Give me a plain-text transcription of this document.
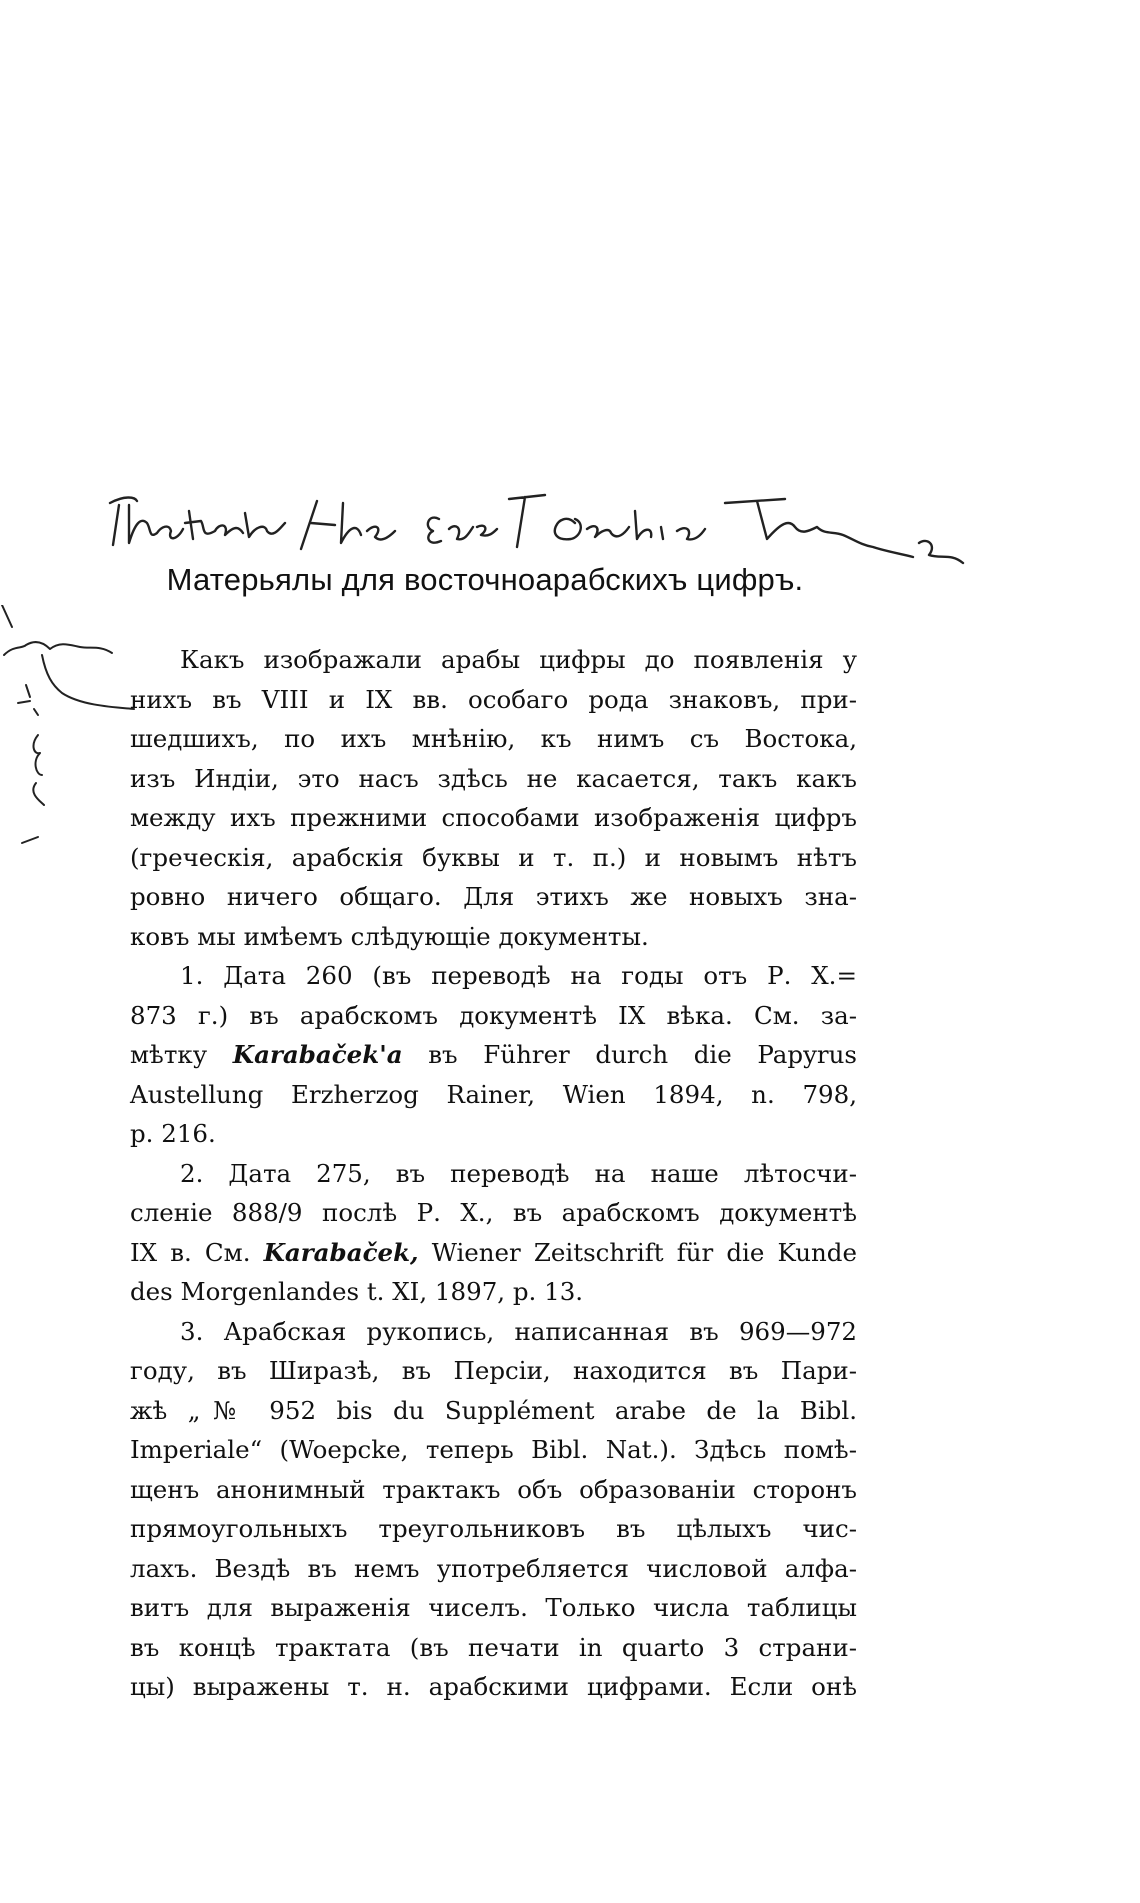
Матерьялы для восточноарабскихъ цифръ.
Какъ изображали арабы цифры до появленія у
нихъ въ VIII и IX вв. особаго рода знаковъ, при-
шедшихъ, по ихъ мнѣнію, къ нимъ съ Востока,
изъ Индіи, это насъ здѣсь не касается, такъ какъ
между ихъ прежними способами изображенія цифръ
(греческія, арабскія буквы и т. п.) и новымъ нѣтъ
ровно ничего общаго. Для этихъ же новыхъ зна-
ковъ мы имѣемъ слѣдующіе документы.
1. Дата 260 (въ переводѣ на годы отъ Р. Х.=
873 г.) въ арабскомъ документѣ IX вѣка. См. за-
мѣтку Karabaček'a въ Führer durch die Papyrus
Austellung Erzherzog Rainer, Wien 1894, n. 798,
p. 216.
2. Дата 275, въ переводѣ на наше лѣтосчи-
сленіе 888/9 послѣ Р. Х., въ арабскомъ документѣ
IX в. См. Karabaček, Wiener Zeitschrift für die Kunde
des Morgenlandes t. XI, 1897, p. 13.
3. Арабская рукопись, написанная въ 969—972
году, въ Ширазѣ, въ Персіи, находится въ Пари-
жѣ „№ 952 bis du Supplément arabe de la Bibl.
Imperiale“ (Woepcke, теперь Bibl. Nat.). Здѣсь помѣ-
щенъ анонимный трактакъ объ образованіи сторонъ
прямоугольныхъ треугольниковъ въ цѣлыхъ чис-
лахъ. Вездѣ въ немъ употребляется числовой алфа-
витъ для выраженія чиселъ. Только числа таблицы
въ концѣ трактата (въ печати in quarto 3 страни-
цы) выражены т. н. арабскими цифрами. Если онѣ
